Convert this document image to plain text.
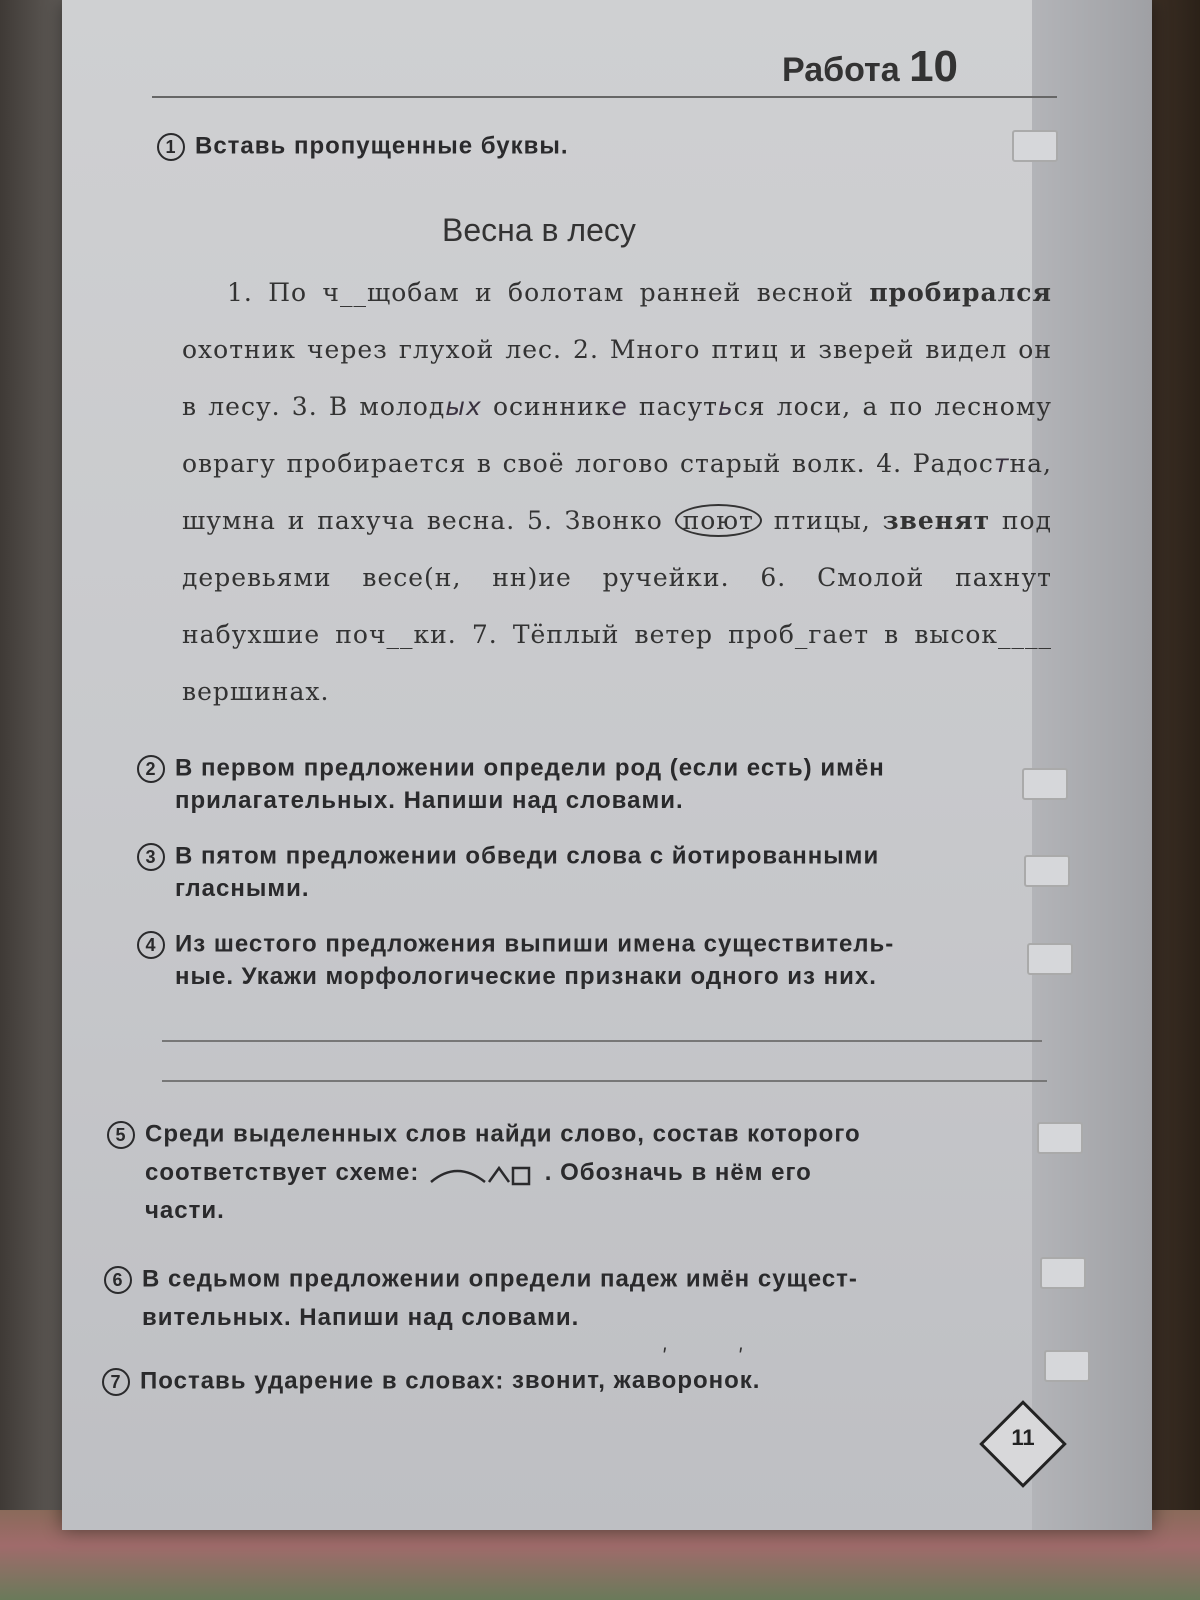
Работа 10
1 Вставь пропущенные буквы.
Весна в лесу
1. По ч__щобам и болотам ранней весной пробирался охотник через глухой лес. 2. Много птиц и зверей видел он в лесу. 3. В молодых осиннике пасуться лоси, а по лесному оврагу пробирается в своё логово старый волк. 4. Радостна, шумна и пахуча весна. 5. Звонко поют птицы, звенят под деревьями весе(н, нн)ие ручейки. 6. Смолой пахнут набухшие поч__ки. 7. Тёплый ветер проб_гает в высок____ вершинах.
2 В первом предложении определи род (если есть) имён
прилагательных. Напиши над словами.
3 В пятом предложении обведи слова с йотированными
гласными.
4 Из шестого предложения выпиши имена существитель-
ные. Укажи морфологические признаки одного из них.
5 Среди выделенных слов найди слово, состав которого
соответствует схеме:	. Обозначь в нём его
части.
6 В седьмом предложении определи падеж имён сущест-
вительных. Напиши над словами.
7 Поставь ударение в словах: звонит, жаворонок.
ʹ	ʹ
11
